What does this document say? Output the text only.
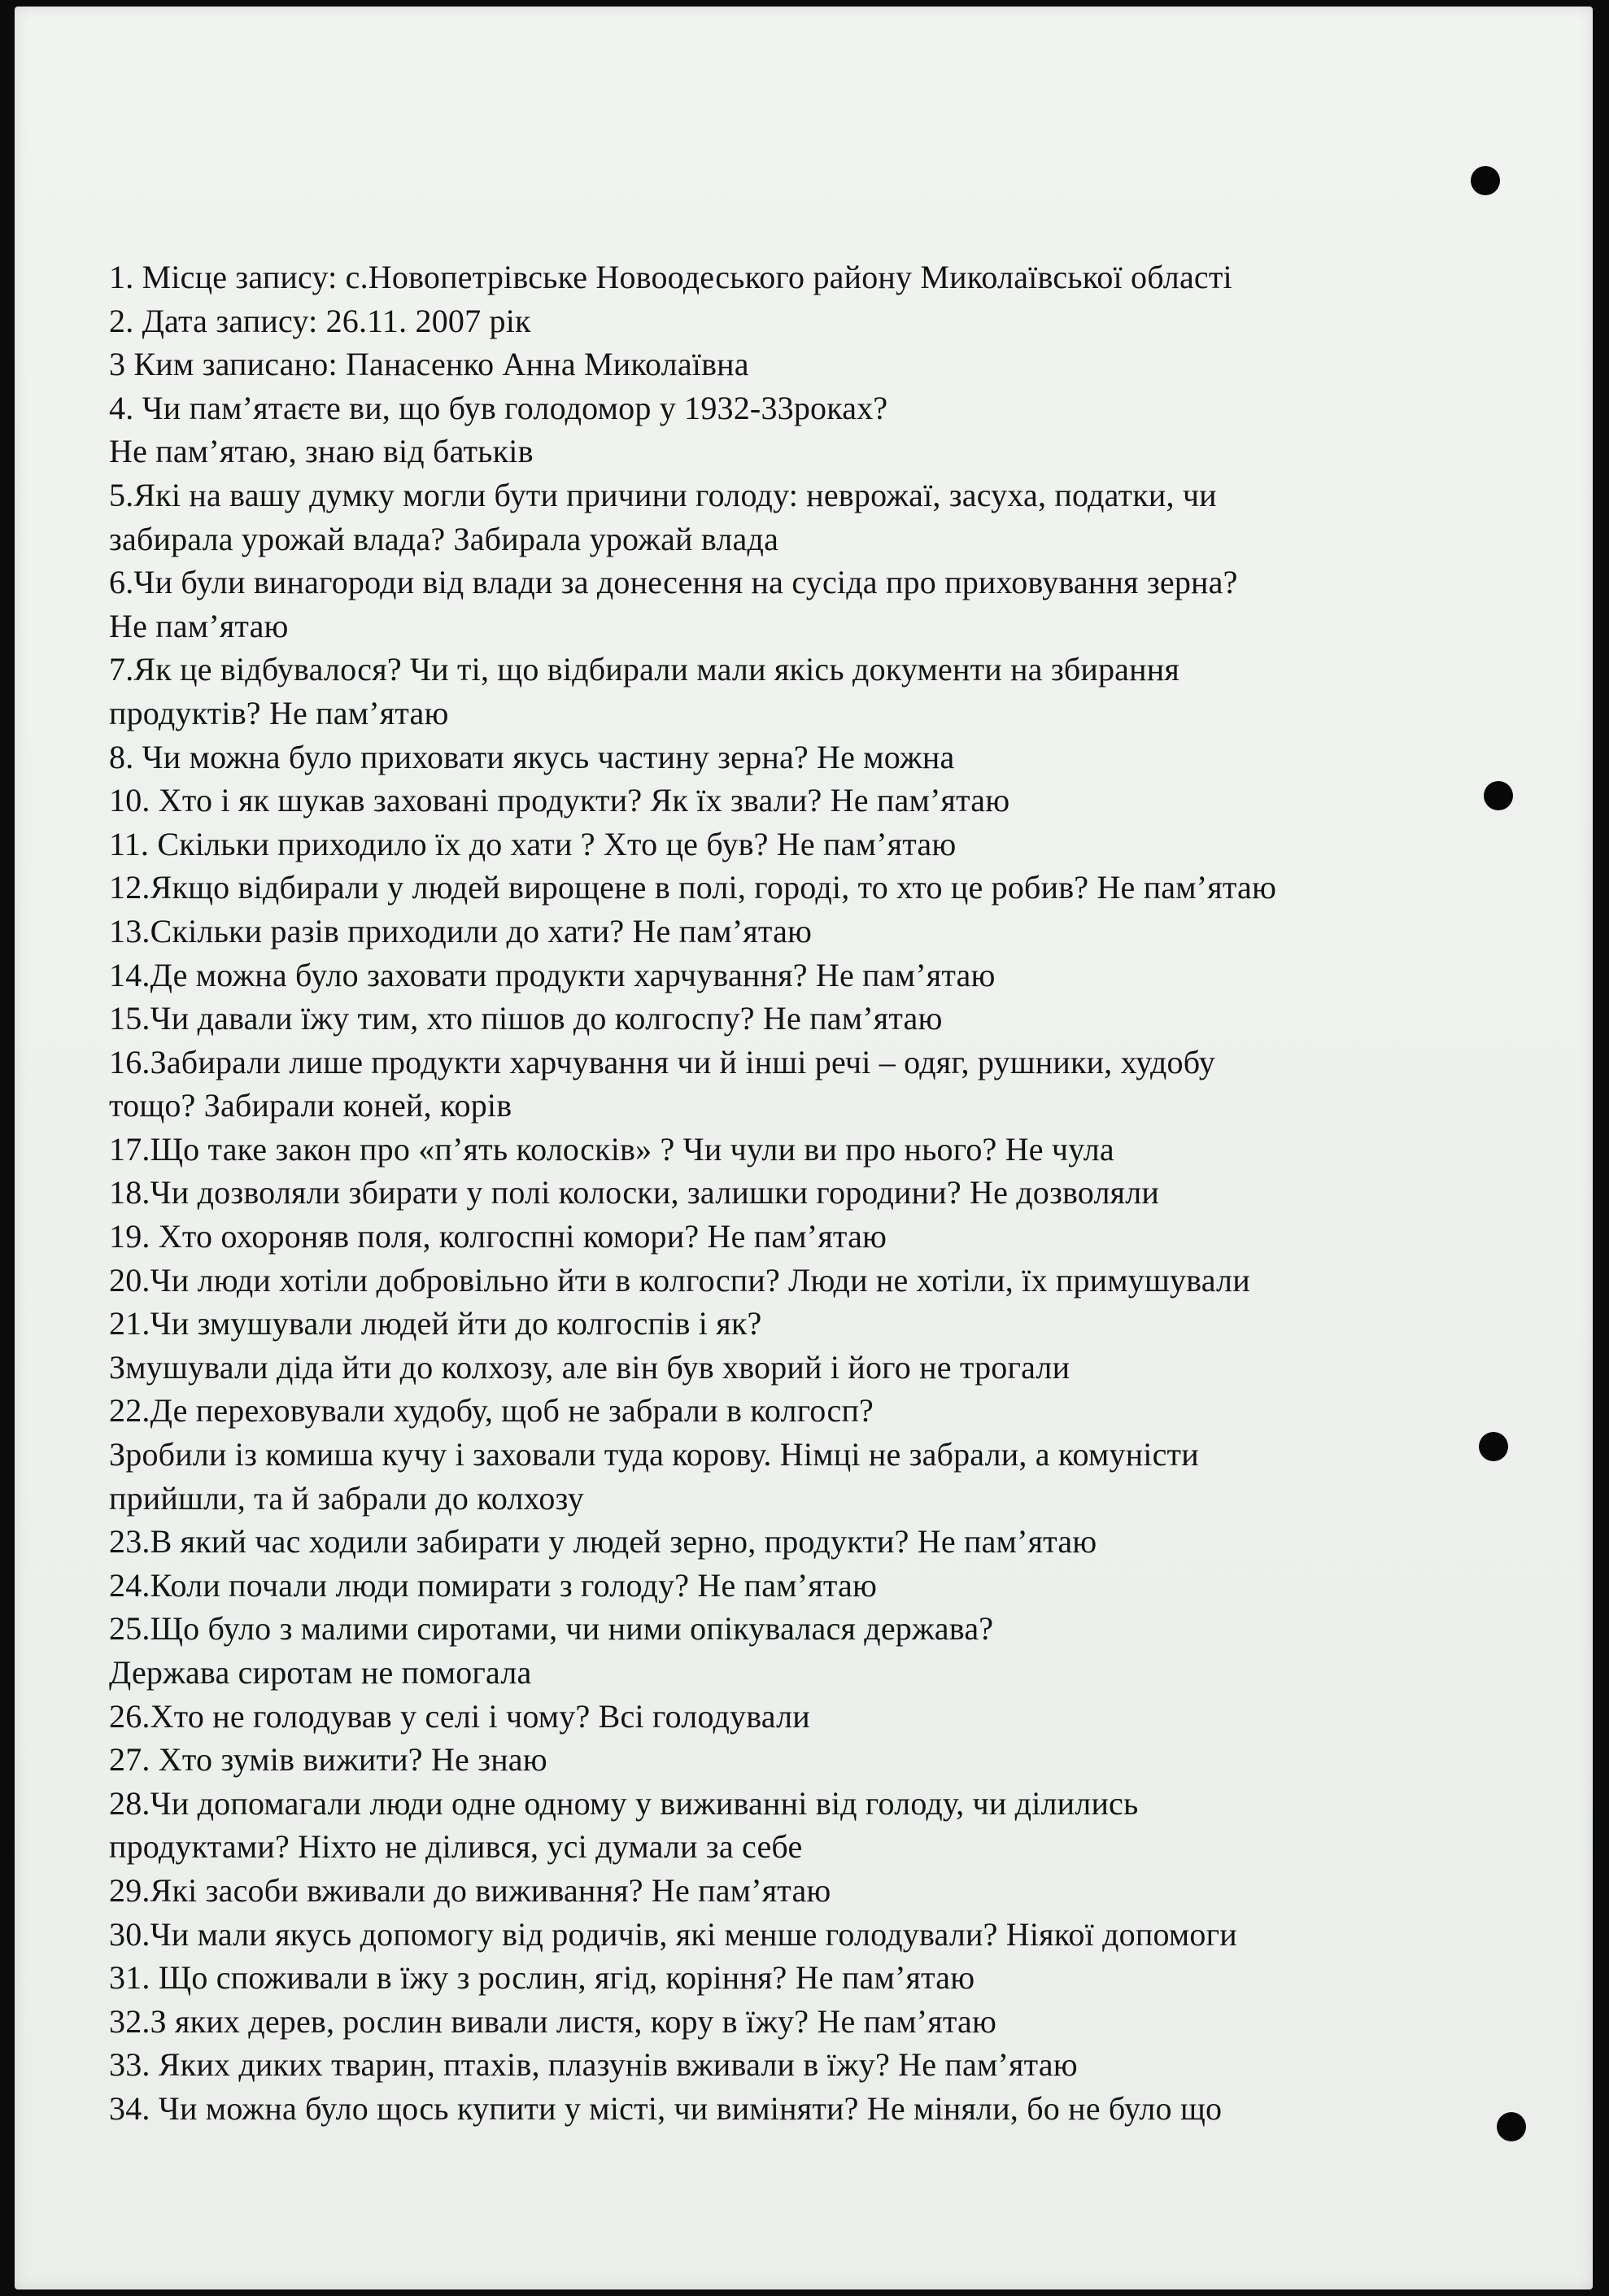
1. Місце запису: с.Новопетрівське Новоодеського району Миколаївської області
2. Дата запису: 26.11. 2007 рік
3 Ким записано: Панасенко Анна Миколаївна
4. Чи пам’ятаєте ви, що був голодомор у 1932-33роках?
Не пам’ятаю, знаю від батьків
5.Які на вашу думку могли бути причини голоду: неврожаї, засуха, податки, чи
забирала урожай влада? Забирала урожай влада
6.Чи були винагороди від влади за донесення на сусіда про приховування зерна?
Не пам’ятаю
7.Як це відбувалося? Чи ті, що відбирали мали якісь документи на збирання
продуктів? Не пам’ятаю
8. Чи можна було приховати якусь частину зерна? Не можна
10. Хто і як шукав заховані продукти? Як їх звали? Не пам’ятаю
11. Скільки приходило їх до хати ? Хто це був? Не пам’ятаю
12.Якщо відбирали у людей вирощене в полі, городі, то хто це робив? Не пам’ятаю
13.Скільки разів приходили до хати? Не пам’ятаю
14.Де можна було заховати продукти харчування? Не пам’ятаю
15.Чи давали їжу тим, хто пішов до колгоспу? Не пам’ятаю
16.Забирали лише продукти харчування чи й інші речі – одяг, рушники, худобу
тощо? Забирали коней, корів
17.Що таке закон про «п’ять колосків» ? Чи чули ви про нього? Не чула
18.Чи дозволяли збирати у полі колоски, залишки городини? Не дозволяли
19. Хто охороняв поля, колгоспні комори? Не пам’ятаю
20.Чи люди хотіли добровільно йти в колгоспи? Люди не хотіли, їх примушували
21.Чи змушували людей йти до колгоспів і як?
Змушували діда йти до колхозу, але він був хворий і його не трогали
22.Де переховували худобу, щоб не забрали в колгосп?
Зробили із комиша кучу і заховали туда корову. Німці не забрали, а комуністи
прийшли, та й забрали до колхозу
23.В який час ходили забирати у людей зерно, продукти? Не пам’ятаю
24.Коли почали люди помирати з голоду? Не пам’ятаю
25.Що було з малими сиротами, чи ними опікувалася держава?
Держава сиротам не помогала
26.Хто не голодував у селі і чому? Всі голодували
27. Хто зумів вижити? Не знаю
28.Чи допомагали люди одне одному у виживанні від голоду, чи ділились
продуктами? Ніхто не ділився, усі думали за себе
29.Які засоби вживали до виживання? Не пам’ятаю
30.Чи мали якусь допомогу від родичів, які менше голодували? Ніякої допомоги
31. Що споживали в їжу з рослин, ягід, коріння? Не пам’ятаю
32.З яких дерев, рослин вивали листя, кору в їжу? Не пам’ятаю
33. Яких диких тварин, птахів, плазунів вживали в їжу? Не пам’ятаю
34. Чи можна було щось купити у місті, чи виміняти? Не міняли, бо не було що
